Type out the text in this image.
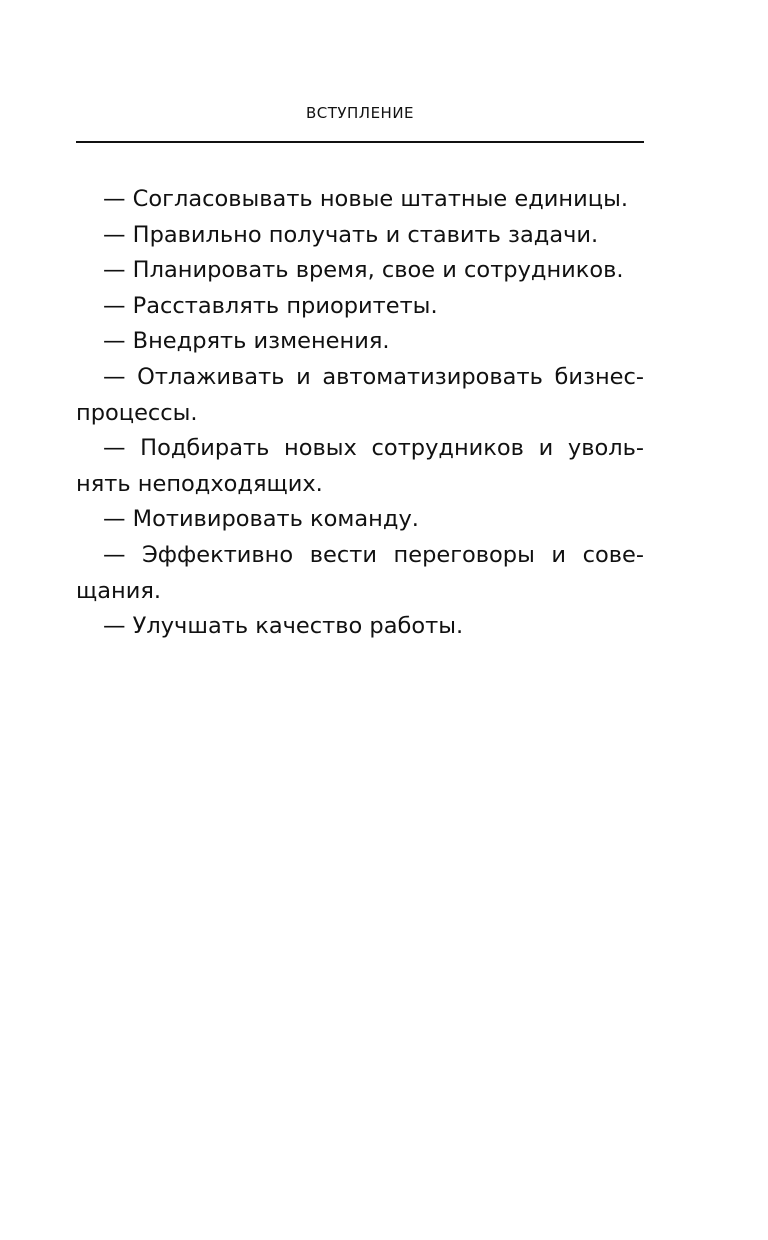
ВСТУПЛЕНИЕ

— Согласовывать новые штатные единицы.

— Правильно получать и ставить задачи.

— Планировать время, свое и сотрудников.

— Расставлять приоритеты.

— Внедрять изменения.

— Отлаживать и автоматизировать бизнес-
процессы.

— Подбирать новых сотрудников и уволь-
нять неподходящих.

— Мотивировать команду.

— Эффективно вести переговоры и сове-
щания.

— Улучшать качество работы.
